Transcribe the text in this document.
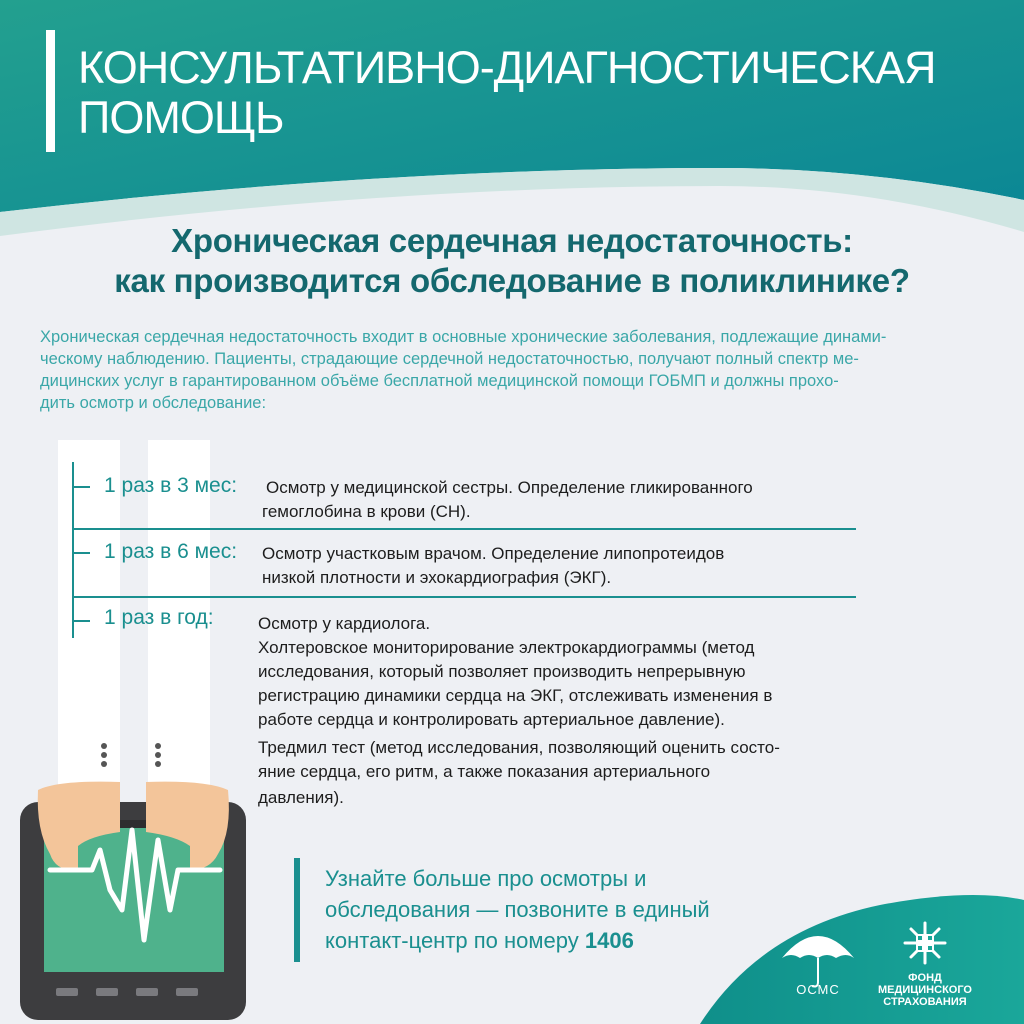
КОНСУЛЬТАТИВНО-ДИАГНОСТИЧЕСКАЯ
ПОМОЩЬ
Хроническая сердечная недостаточность:
как производится обследование в поликлинике?
Хроническая сердечная недостаточность входит в основные хронические заболевания, подлежащие динами-
ческому наблюдению. Пациенты, страдающие сердечной недостаточностью, получают полный спектр ме-
дицинских услуг в гарантированном объёме бесплатной медицинской помощи ГОБМП и должны прохо-
дить осмотр и обследование:
1 раз в 3 мес: Осмотр у медицинской сестры. Определение гликированного
гемоглобина в крови (СН).
1 раз в 6 мес: Осмотр участковым врачом. Определение липопротеидов
низкой плотности и эхокардиография (ЭКГ).
1 раз в год:	Осмотр у кардиолога.
Холтеровское мониторирование электрокардиограммы (метод
исследования, который позволяет производить непрерывную
регистрацию динамики сердца на ЭКГ, отслеживать изменения в
работе сердца и контролировать артериальное давление).
Тредмил тест (метод исследования, позволяющий оценить состо-
яние сердца, его ритм, а также показания артериального
давления).
Узнайте больше про осмотры и
обследования — позвоните в единый
контакт-центр по номеру 1406
ОСМС
ФОНД
МЕДИЦИНСКОГО
СТРАХОВАНИЯ
